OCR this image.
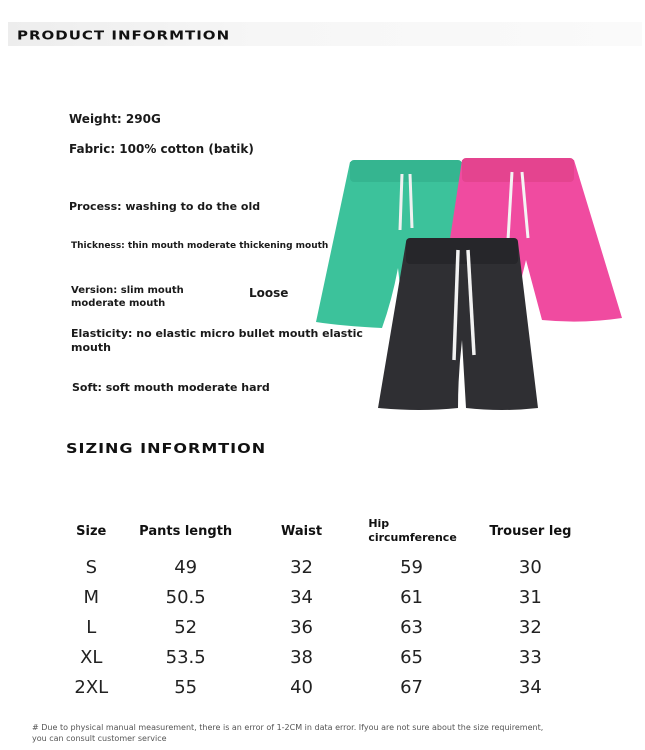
PRODUCT INFORMTION
Weight: 290G
Fabric: 100% cotton (batik)
Process: washing to do the old
Thickness: thin mouth moderate thickening mouth
Version: slim mouth moderate mouth
Loose
Elasticity: no elastic micro bullet mouth elastic mouth
Soft: soft mouth moderate hard
SIZING INFORMTION
Size	Pants length	Waist	Hip circumference	Trouser leg
S	49	32	59	30
M	50.5	34	61	31
L	52	36	63	32
XL	53.5	38	65	33
2XL	55	40	67	34
# Due to physical manual measurement, there is an error of 1-2CM in data error. Ifyou are not sure about the size requirement, you can consult customer service
